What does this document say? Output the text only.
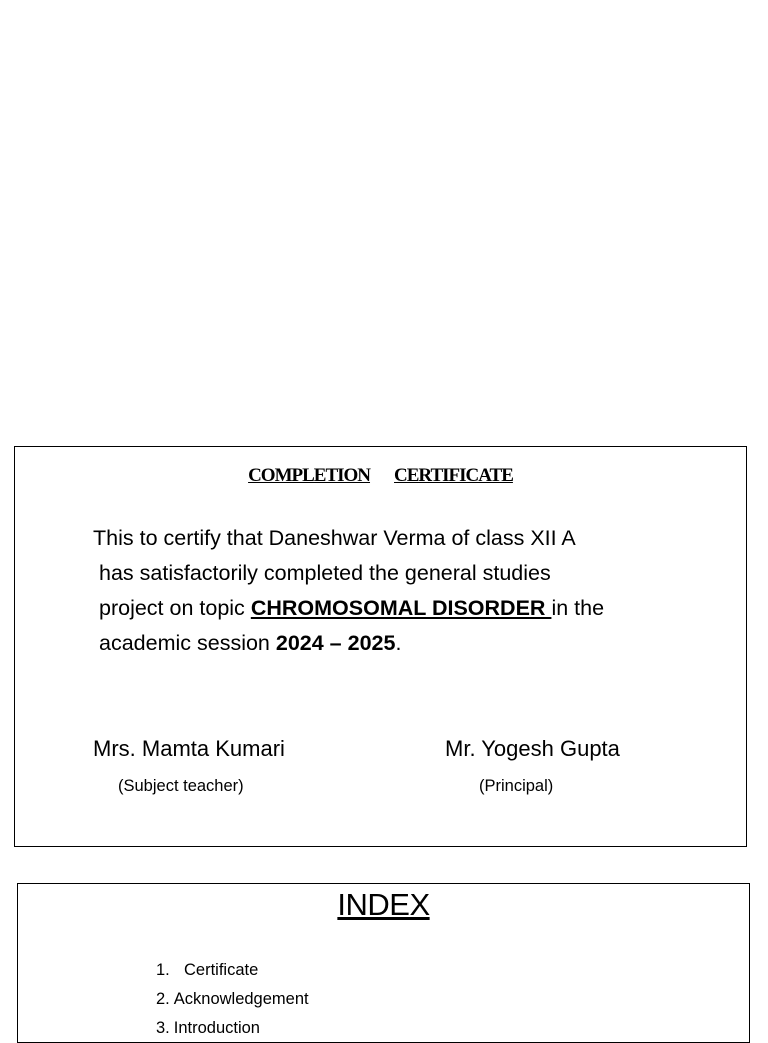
COMPLETION CERTIFICATE
This to certify that Daneshwar Verma of class XII A
has satisfactorily completed the general studies
project on topic CHROMOSOMAL DISORDER in the
academic session 2024 – 2025.
Mrs. Mamta Kumari
(Subject teacher)
Mr. Yogesh Gupta
(Principal)
INDEX
1. Certificate
2. Acknowledgement
3. Introduction
